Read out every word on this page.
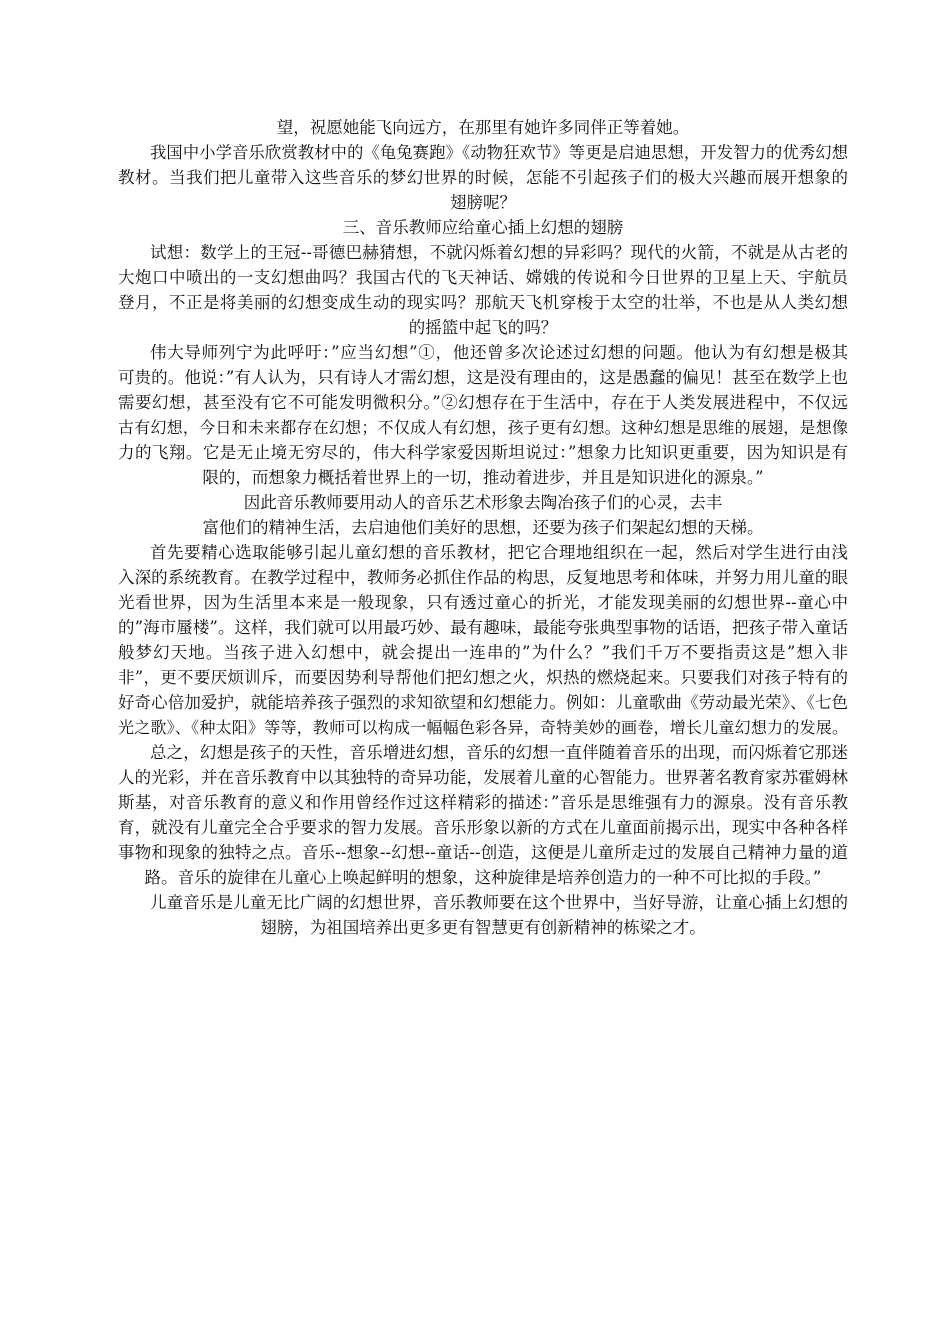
望，祝愿她能飞向远方，在那里有她许多同伴正等着她。
我国中小学音乐欣赏教材中的《龟兔赛跑》《动物狂欢节》等更是启迪思想，开发智力的优秀幻想
教材。当我们把儿童带入这些音乐的梦幻世界的时候，怎能不引起孩子们的极大兴趣而展开想象的
翅膀呢？
三、音乐教师应给童心插上幻想的翅膀
试想：数学上的王冠--哥德巴赫猜想，不就闪烁着幻想的异彩吗？现代的火箭，不就是从古老的
大炮口中喷出的一支幻想曲吗？我国古代的飞天神话、嫦娥的传说和今日世界的卫星上天、宇航员
登月，不正是将美丽的幻想变成生动的现实吗？那航天飞机穿梭于太空的壮举，不也是从人类幻想
的摇篮中起飞的吗？
伟大导师列宁为此呼吁：”应当幻想”①，他还曾多次论述过幻想的问题。他认为有幻想是极其
可贵的。他说：”有人认为，只有诗人才需幻想，这是没有理由的，这是愚蠢的偏见！甚至在数学上也
需要幻想，甚至没有它不可能发明微积分。”②幻想存在于生活中，存在于人类发展进程中，不仅远
古有幻想，今日和未来都存在幻想；不仅成人有幻想，孩子更有幻想。这种幻想是思维的展翅，是想像
力的飞翔。它是无止境无穷尽的，伟大科学家爱因斯坦说过：”想象力比知识更重要，因为知识是有
限的，而想象力概括着世界上的一切，推动着进步，并且是知识进化的源泉。”
因此音乐教师要用动人的音乐艺术形象去陶冶孩子们的心灵，去丰
富他们的精神生活，去启迪他们美好的思想，还要为孩子们架起幻想的天梯。
首先要精心选取能够引起儿童幻想的音乐教材，把它合理地组织在一起，然后对学生进行由浅
入深的系统教育。在教学过程中，教师务必抓住作品的构思，反复地思考和体味，并努力用儿童的眼
光看世界，因为生活里本来是一般现象，只有透过童心的折光，才能发现美丽的幻想世界--童心中
的”海市蜃楼”。这样，我们就可以用最巧妙、最有趣味，最能夸张典型事物的话语，把孩子带入童话
般梦幻天地。当孩子进入幻想中，就会提出一连串的”为什么？”我们千万不要指责这是”想入非
非”，更不要厌烦训斥，而要因势利导帮他们把幻想之火，炽热的燃烧起来。只要我们对孩子特有的
好奇心倍加爱护，就能培养孩子强烈的求知欲望和幻想能力。例如：儿童歌曲《劳动最光荣》、《七色
光之歌》、《种太阳》等等，教师可以构成一幅幅色彩各异，奇特美妙的画卷，增长儿童幻想力的发展。
总之，幻想是孩子的天性，音乐增进幻想，音乐的幻想一直伴随着音乐的出现，而闪烁着它那迷
人的光彩，并在音乐教育中以其独特的奇异功能，发展着儿童的心智能力。世界著名教育家苏霍姆林
斯基，对音乐教育的意义和作用曾经作过这样精彩的描述：”音乐是思维强有力的源泉。没有音乐教
育，就没有儿童完全合乎要求的智力发展。音乐形象以新的方式在儿童面前揭示出，现实中各种各样
事物和现象的独特之点。音乐--想象--幻想--童话--创造，这便是儿童所走过的发展自己精神力量的道
路。音乐的旋律在儿童心上唤起鲜明的想象，这种旋律是培养创造力的一种不可比拟的手段。”
儿童音乐是儿童无比广阔的幻想世界，音乐教师要在这个世界中，当好导游，让童心插上幻想的
翅膀，为祖国培养出更多更有智慧更有创新精神的栋梁之才。
